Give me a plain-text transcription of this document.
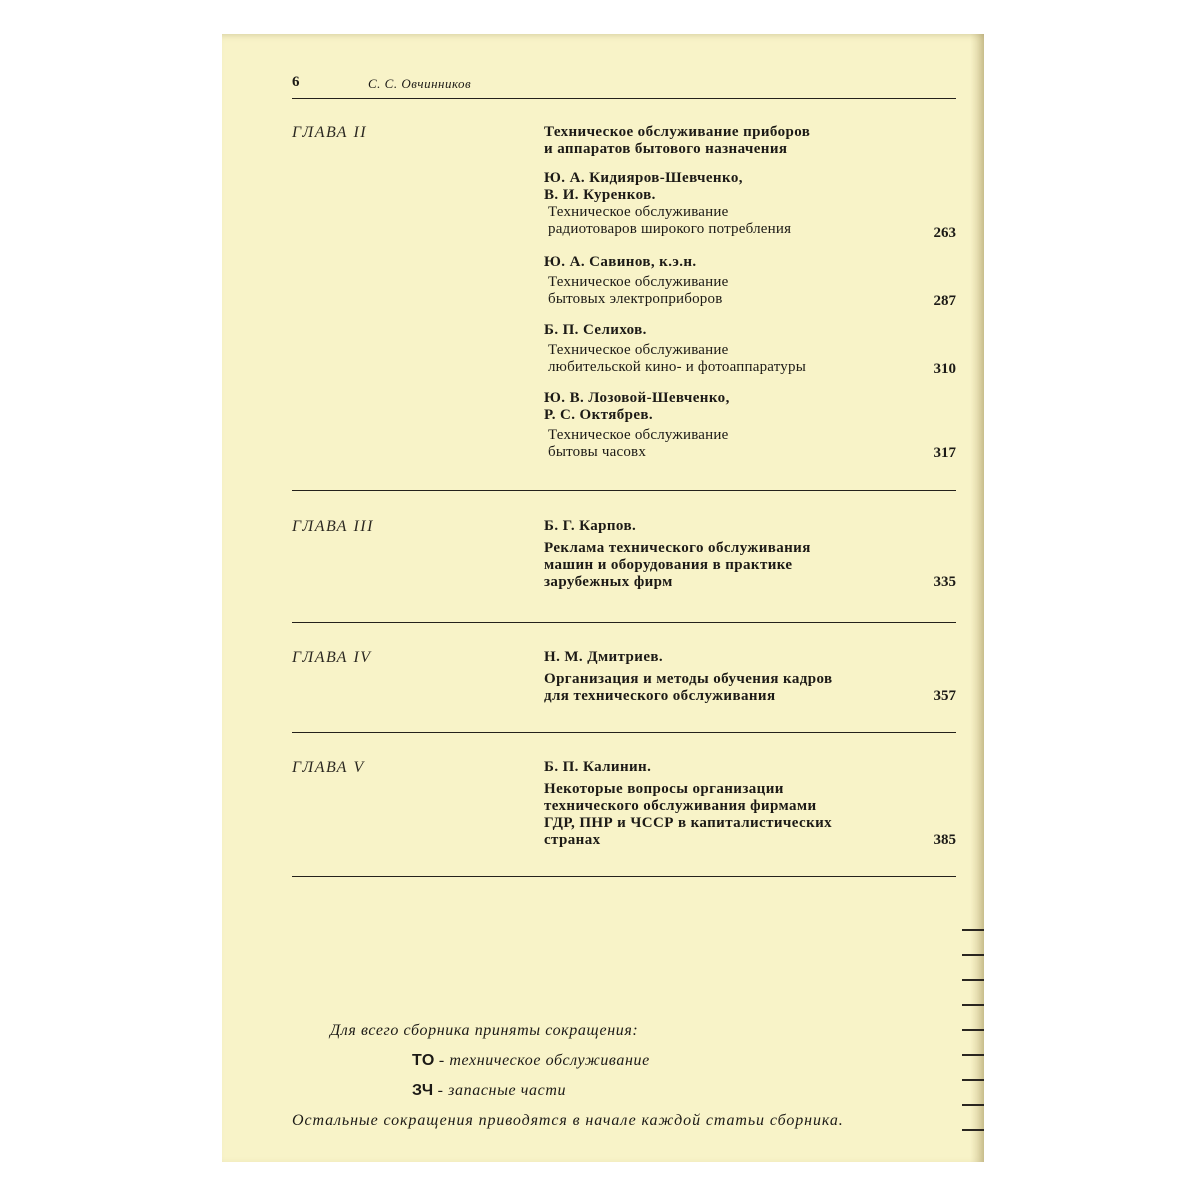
6	С. С. Овчинников
ГЛАВА II	Техническое обслуживание приборов
и аппаратов бытового назначения
Ю. А. Кидияров-Шевченко,
В. И. Куренков.
Техническое обслуживание
радиотоваров широкого потребления	263
Ю. А. Савинов, к.э.н.
Техническое обслуживание
бытовых электроприборов	287
Б. П. Селихов.
Техническое обслуживание
любительской кино- и фотоаппаратуры	310
Ю. В. Лозовой-Шевченко,
Р. С. Октябрев.
Техническое обслуживание
бытовы часовх	317
ГЛАВА III	Б. Г. Карпов.
Реклама технического обслуживания
машин и оборудования в практике
зарубежных фирм	335
ГЛАВА IV	Н. М. Дмитриев.
Организация и методы обучения кадров
для технического обслуживания	357
ГЛАВА V	Б. П. Калинин.
Некоторые вопросы организации
технического обслуживания фирмами
ГДР, ПНР и ЧССР в капиталистических
странах	385
Для всего сборника приняты сокращения:
ТО - техническое обслуживание
ЗЧ - запасные части
Остальные сокращения приводятся в начале каждой статьи сборника.
